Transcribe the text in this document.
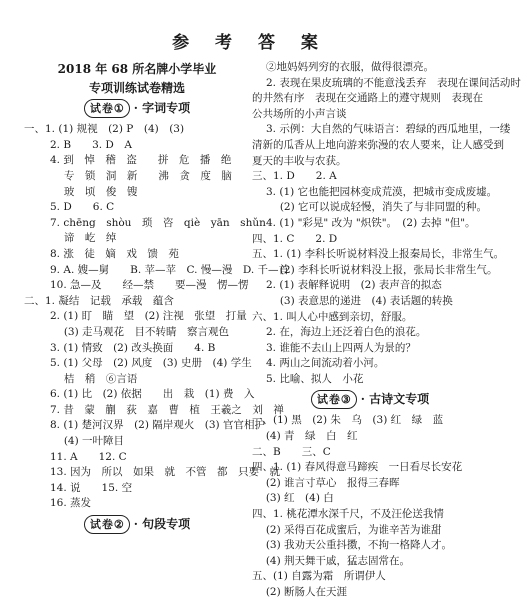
参 考 答 案
2018 年 68 所名牌小学毕业
专项训练试卷精选
试 卷 ① · 字词专项
一、1. (1) 规视　(2) P　(4)　(3)
2. B　　3. D　A
4. 到　悼　稽　盗　　拼　危　播　绝
　 专　锁　洞　新　　沸　贪　度　脑
　 玻　顷　俊　锼
5. D　　6. C
7. chēng　shòu　琐　咨　qiè　yān　shǔn
　 谛　屹　绰
8. 涨　徒　嫡　戏　馈　苑
9. A. 嫂—舅　　B. 苹—苹　C. 慢—漫　D. 千—首
10. 急—及　　经—禁　　要—漫　愣—愣
二、1. 凝结　记载　承载　蕴含
2. (1) 盯　瞄　望　(2) 注视　张望　打量
　 (3) 走马观花　目不转睛　察言观色
3. (1) 情致　(2) 改头换面　　4. B
5. (1) 父母　(2) 风度　(3) 史册　(4) 学生
　 桔　稍　⑥言语
6. (1) 比　(2) 依据　　出　栽　(1) 费　入
7. 昔　蒙　蒯　荻　嘉　曹　植　王羲之　刘　禅
8. (1) 楚河汉界　(2) 隔岸观火　(3) 官官相护
　 (4) 一叶障目
11. A　　12. C
13. 因为　所以　如果　就　不管　都　只要　就
14. 说　　15. 空
16. 蒸发
试 卷 ② · 句段专项
②地妈妈列穷的衣服，做得很漂亮。
2. 表现在果皮琉璃的不能意浅丢弃　表现在课间活动时
的井然有序　表现在交通路上的遵守规则　表现在
公共场所的小声言谈
3. 示例：大自然的气味语言：碧绿的西瓜地里，一缕
清新的瓜香从上地向游来弥漫的农人要来，让人感受到
夏天的丰收与农获。
三、1. D　　2. A
3. (1) 它也能把园林变成荒漠，把城市变成废墟。
　 (2) 它可以说成轻慢，消失了与非同盟的种。
4. (1) "彩晃" 改为 "炽铁"。　(2) 去掉 "但"。
四、1. C　　2. D
五、1. (1) 李科长听说材料没上报秦局长，非常生气。
　 (2) 李科长听说材料没上报，张局长非常生气。
2. (1) 表解释说明　(2) 表声音的拟态
　 (3) 表意思的递进　(4) 表话题的转换
六、1. 叫人心中感到亲切，舒服。
2. 在，海边上还泛着白色的浪花。
3. 谁能不去山上四两人为景的？
4. 两山之间流动着小河。
5. 比喻、拟人　小花
试 卷 ③ · 古诗文专项
一、(1) 黑　(2) 朱　乌　(3) 红　绿　蓝
　 (4) 青　绿　白　红
二、B　　三、C
四、1. (1) 春风得意马蹄疾　一日看尽长安花
　 (2) 谁言寸草心　报得三春晖
　 (3) 红　(4) 白
四、1. 桃花潭水深千尺，不及汪伦送我情
　 (2) 采得百花成蜜后，为谁辛苦为谁甜
　 (3) 我劝天公重抖擞，不拘一格降人才。
　 (4) 荆天舞干戚，猛志固常在。
五、(1) 自露为霜　所谓伊人
　 (2) 断肠人在天涯
